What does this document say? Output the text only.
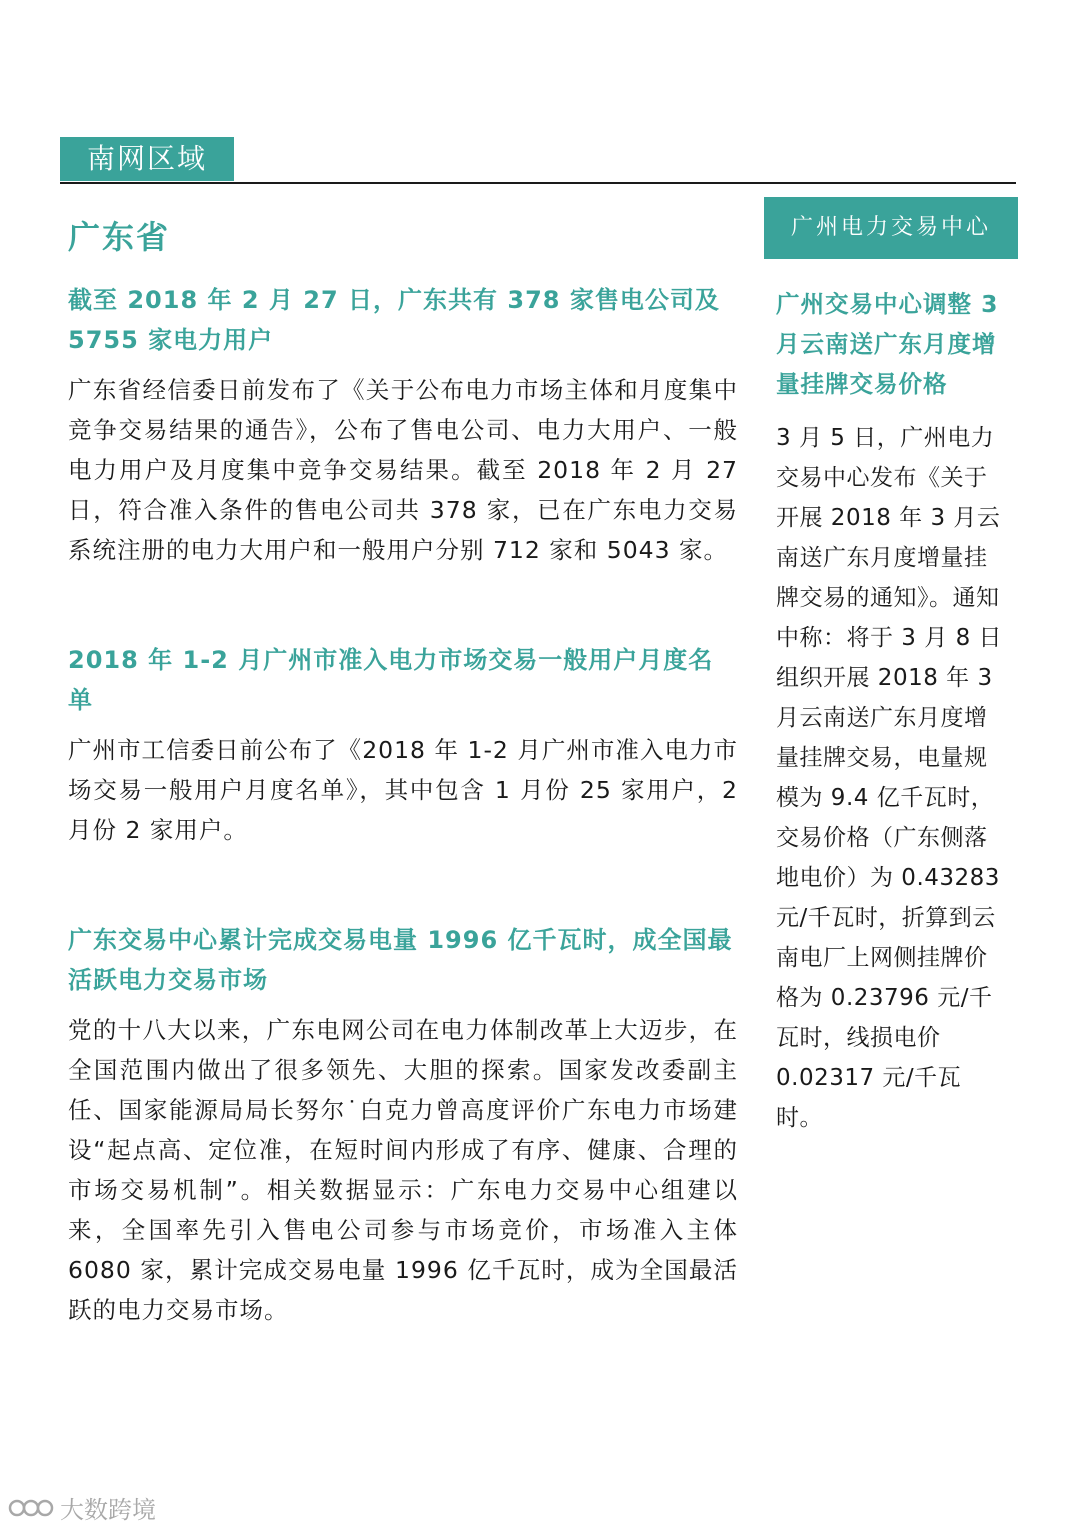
南网区域
广东省
截至 2018 年 2 月 27 日，广东共有 378 家售电公司及 5755 家电力用户

广东省经信委日前发布了《关于公布电力市场主体和月度集中竞争交易结果的通告》，公布了售电公司、电力大用户、一般电力用户及月度集中竞争交易结果。截至 2018 年 2 月 27 日，符合准入条件的售电公司共 378 家，已在广东电力交易系统注册的电力大用户和一般用户分别 712 家和 5043 家。

2018 年 1-2 月广州市准入电力市场交易一般用户月度名单

广州市工信委日前公布了《2018 年 1-2 月广州市准入电力市场交易一般用户月度名单》，其中包含 1 月份 25 家用户，2 月份 2 家用户。

广东交易中心累计完成交易电量 1996 亿千瓦时，成全国最活跃电力交易市场

党的十八大以来，广东电网公司在电力体制改革上大迈步，在全国范围内做出了很多领先、大胆的探索。国家发改委副主任、国家能源局局长努尔˙白克力曾高度评价广东电力市场建设“起点高、定位准，在短时间内形成了有序、健康、合理的市场交易机制”。相关数据显示：广东电力交易中心组建以来，全国率先引入售电公司参与市场竞价，市场准入主体 6080 家，累计完成交易电量 1996 亿千瓦时，成为全国最活跃的电力交易市场。

广州电力交易中心
广州交易中心调整 3 月云南送广东月度增量挂牌交易价格

3 月 5 日，广州电力交易中心发布《关于开展 2018 年 3 月云南送广东月度增量挂牌交易的通知》。通知中称：将于 3 月 8 日组织开展 2018 年 3 月云南送广东月度增量挂牌交易，电量规模为 9.4 亿千瓦时，交易价格（广东侧落地电价）为 0.43283 元/千瓦时，折算到云南电厂上网侧挂牌价格为 0.23796 元/千瓦时，线损电价 0.02317 元/千瓦时。

大数跨境
